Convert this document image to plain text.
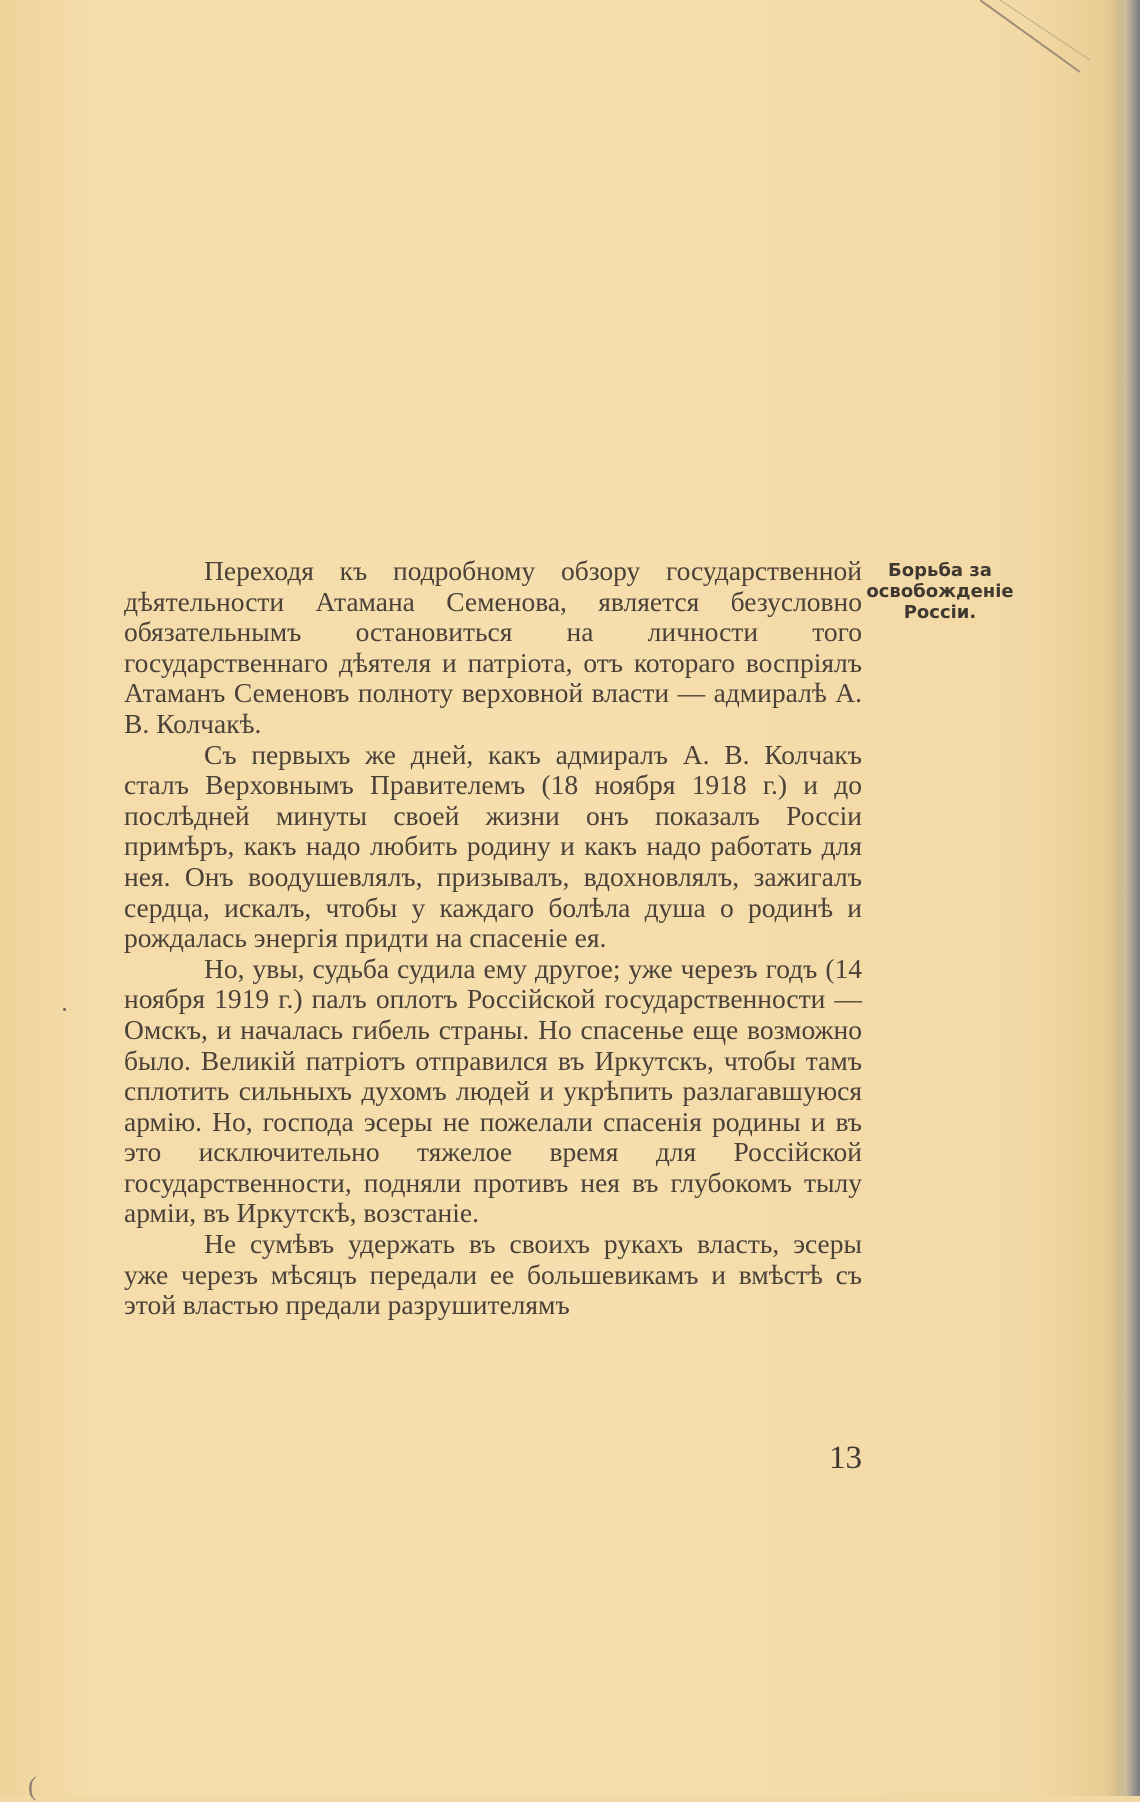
Борьба за
освобожденіе
Россіи.

Переходя къ подробному обзору государственной дѣятельности Атамана Семенова, является безусловно обязательнымъ остановиться на личности того государственнаго дѣятеля и патріота, отъ котораго воспріялъ Атаманъ Семеновъ полноту верховной власти — адмиралѣ А. В. Колчакѣ.

Съ первыхъ же дней, какъ адмиралъ А. В. Колчакъ сталъ Верховнымъ Правителемъ (18 ноября 1918 г.) и до послѣдней минуты своей жизни онъ показалъ Россіи примѣръ, какъ надо любить родину и какъ надо работать для нея. Онъ воодушевлялъ, призывалъ, вдохновлялъ, зажигалъ сердца, искалъ, чтобы у каждаго болѣла душа о родинѣ и рождалась энергія придти на спасеніе ея.

Но, увы, судьба судила ему другое; уже черезъ годъ (14 ноября 1919 г.) палъ оплотъ Россійской государственности — Омскъ, и началась гибель страны. Но спасенье еще возможно было. Великій патріотъ отправился въ Иркутскъ, чтобы тамъ сплотить сильныхъ духомъ людей и укрѣпить разлагавшуюся армію. Но, господа эсеры не пожелали спасенія родины и въ это исключительно тяжелое время для Россійской государственности, подняли противъ нея въ глубокомъ тылу арміи, въ Иркутскѣ, возстаніе.

Не сумѣвъ удержать въ своихъ рукахъ власть, эсеры уже черезъ мѣсяцъ передали ее большевикамъ и вмѣстѣ съ этой властью предали разрушителямъ

13
(
